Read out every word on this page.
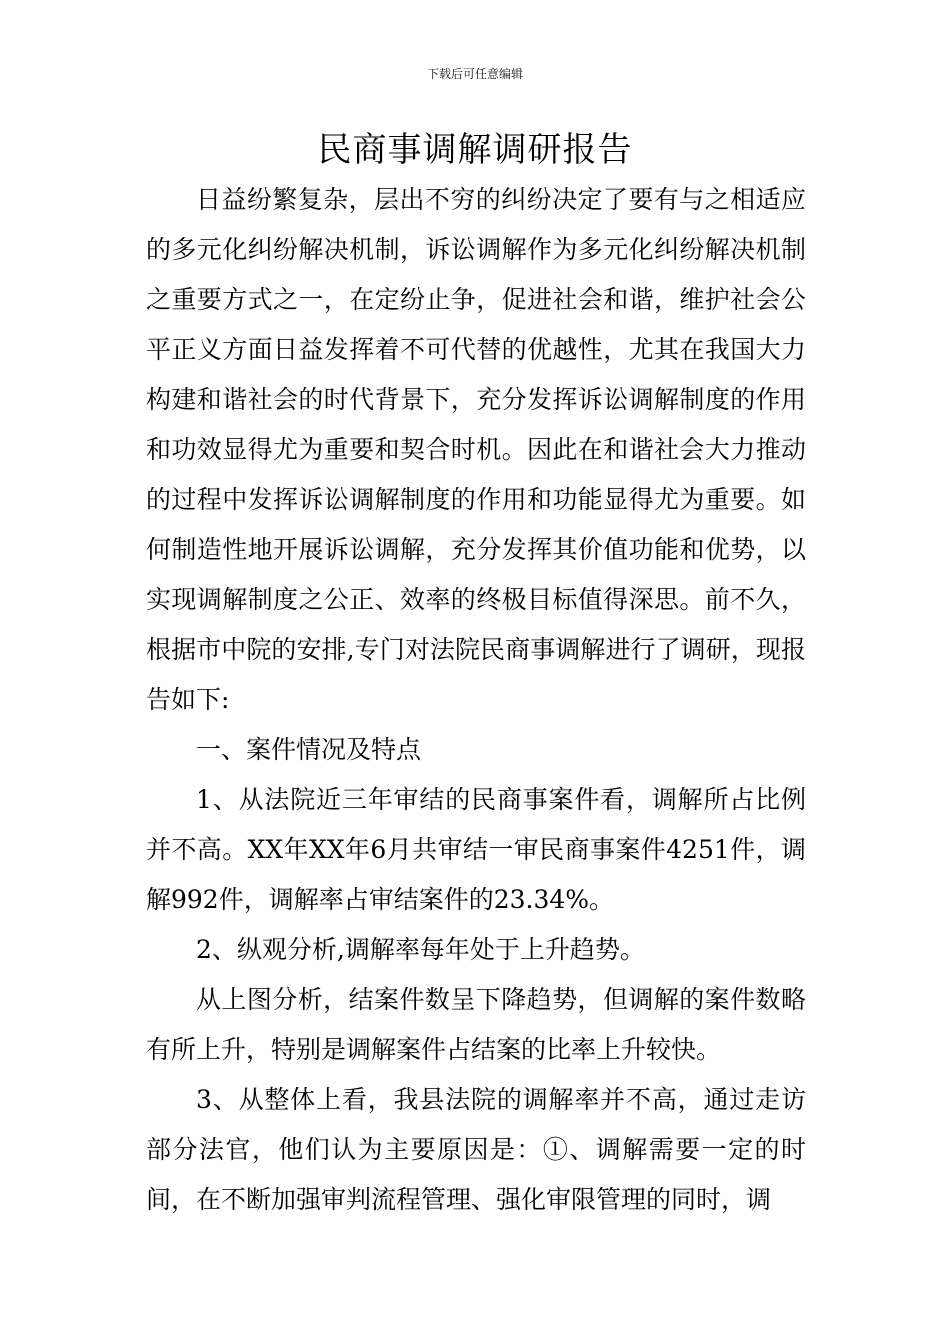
下载后可任意编辑
民商事调解调研报告

日益纷繁复杂，层出不穷的纠纷决定了要有与之相适应的多元化纠纷解决机制，诉讼调解作为多元化纠纷解决机制之重要方式之一，在定纷止争，促进社会和谐，维护社会公平正义方面日益发挥着不可代替的优越性，尤其在我国大力构建和谐社会的时代背景下，充分发挥诉讼调解制度的作用和功效显得尤为重要和契合时机。因此在和谐社会大力推动的过程中发挥诉讼调解制度的作用和功能显得尤为重要。如何制造性地开展诉讼调解，充分发挥其价值功能和优势，以实现调解制度之公正、效率的终极目标值得深思。前不久，根据市中院的安排,专门对法院民商事调解进行了调研，现报告如下:

一、案件情况及特点

1、从法院近三年审结的民商事案件看，调解所占比例并不高。XX年XX年6月共审结一审民商事案件4251件，调解992件，调解率占审结案件的23.34%。

2、纵观分析,调解率每年处于上升趋势。

从上图分析，结案件数呈下降趋势，但调解的案件数略有所上升，特别是调解案件占结案的比率上升较快。

3、从整体上看，我县法院的调解率并不高，通过走访部分法官，他们认为主要原因是：①、调解需要一定的时间，在不断加强审判流程管理、强化审限管理的同时，调
